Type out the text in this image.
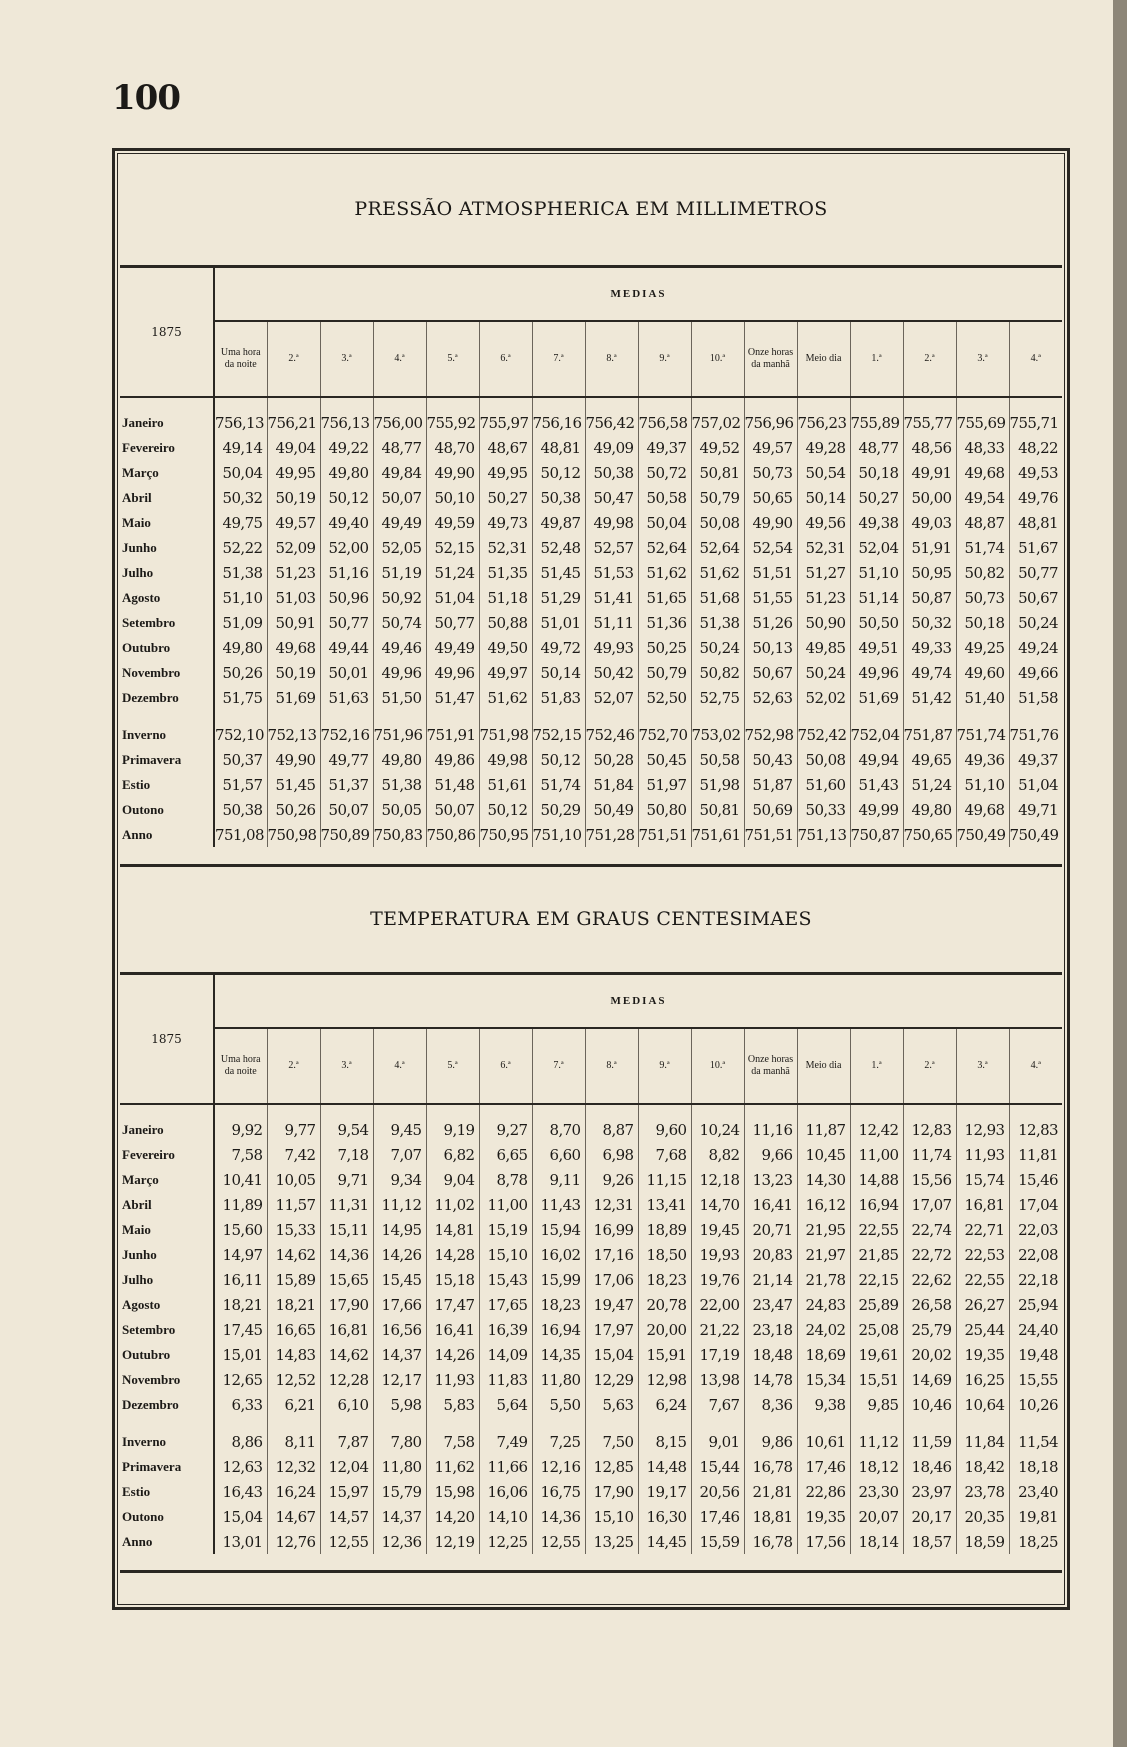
100
PRESSÃO ATMOSPHERICA EM MILLIMETROS
1875	MEDIAS															
	Uma hora da noite	2.ª	3.ª	4.ª	5.ª	6.ª	7.ª	8.ª	9.ª	10.ª	Onze horas da manhã	Meio dia	1.ª	2.ª	3.ª	4.ª

Janeiro	756,13	756,21	756,13	756,00	755,92	755,97	756,16	756,42	756,58	757,02	756,96	756,23	755,89	755,77	755,69	755,71
Fevereiro	49,14	49,04	49,22	48,77	48,70	48,67	48,81	49,09	49,37	49,52	49,57	49,28	48,77	48,56	48,33	48,22
Março	50,04	49,95	49,80	49,84	49,90	49,95	50,12	50,38	50,72	50,81	50,73	50,54	50,18	49,91	49,68	49,53
Abril	50,32	50,19	50,12	50,07	50,10	50,27	50,38	50,47	50,58	50,79	50,65	50,14	50,27	50,00	49,54	49,76
Maio	49,75	49,57	49,40	49,49	49,59	49,73	49,87	49,98	50,04	50,08	49,90	49,56	49,38	49,03	48,87	48,81
Junho	52,22	52,09	52,00	52,05	52,15	52,31	52,48	52,57	52,64	52,64	52,54	52,31	52,04	51,91	51,74	51,67
Julho	51,38	51,23	51,16	51,19	51,24	51,35	51,45	51,53	51,62	51,62	51,51	51,27	51,10	50,95	50,82	50,77
Agosto	51,10	51,03	50,96	50,92	51,04	51,18	51,29	51,41	51,65	51,68	51,55	51,23	51,14	50,87	50,73	50,67
Setembro	51,09	50,91	50,77	50,74	50,77	50,88	51,01	51,11	51,36	51,38	51,26	50,90	50,50	50,32	50,18	50,24
Outubro	49,80	49,68	49,44	49,46	49,49	49,50	49,72	49,93	50,25	50,24	50,13	49,85	49,51	49,33	49,25	49,24
Novembro	50,26	50,19	50,01	49,96	49,96	49,97	50,14	50,42	50,79	50,82	50,67	50,24	49,96	49,74	49,60	49,66
Dezembro	51,75	51,69	51,63	51,50	51,47	51,62	51,83	52,07	52,50	52,75	52,63	52,02	51,69	51,42	51,40	51,58

Inverno	752,10	752,13	752,16	751,96	751,91	751,98	752,15	752,46	752,70	753,02	752,98	752,42	752,04	751,87	751,74	751,76
Primavera	50,37	49,90	49,77	49,80	49,86	49,98	50,12	50,28	50,45	50,58	50,43	50,08	49,94	49,65	49,36	49,37
Estio	51,57	51,45	51,37	51,38	51,48	51,61	51,74	51,84	51,97	51,98	51,87	51,60	51,43	51,24	51,10	51,04
Outono	50,38	50,26	50,07	50,05	50,07	50,12	50,29	50,49	50,80	50,81	50,69	50,33	49,99	49,80	49,68	49,71
Anno	751,08	750,98	750,89	750,83	750,86	750,95	751,10	751,28	751,51	751,61	751,51	751,13	750,87	750,65	750,49	750,49
TEMPERATURA EM GRAUS CENTESIMAES
1875	MEDIAS															
	Uma hora da noite	2.ª	3.ª	4.ª	5.ª	6.ª	7.ª	8.ª	9.ª	10.ª	Onze horas da manhã	Meio dia	1.ª	2.ª	3.ª	4.ª

Janeiro	9,92	9,77	9,54	9,45	9,19	9,27	8,70	8,87	9,60	10,24	11,16	11,87	12,42	12,83	12,93	12,83
Fevereiro	7,58	7,42	7,18	7,07	6,82	6,65	6,60	6,98	7,68	8,82	9,66	10,45	11,00	11,74	11,93	11,81
Março	10,41	10,05	9,71	9,34	9,04	8,78	9,11	9,26	11,15	12,18	13,23	14,30	14,88	15,56	15,74	15,46
Abril	11,89	11,57	11,31	11,12	11,02	11,00	11,43	12,31	13,41	14,70	16,41	16,12	16,94	17,07	16,81	17,04
Maio	15,60	15,33	15,11	14,95	14,81	15,19	15,94	16,99	18,89	19,45	20,71	21,95	22,55	22,74	22,71	22,03
Junho	14,97	14,62	14,36	14,26	14,28	15,10	16,02	17,16	18,50	19,93	20,83	21,97	21,85	22,72	22,53	22,08
Julho	16,11	15,89	15,65	15,45	15,18	15,43	15,99	17,06	18,23	19,76	21,14	21,78	22,15	22,62	22,55	22,18
Agosto	18,21	18,21	17,90	17,66	17,47	17,65	18,23	19,47	20,78	22,00	23,47	24,83	25,89	26,58	26,27	25,94
Setembro	17,45	16,65	16,81	16,56	16,41	16,39	16,94	17,97	20,00	21,22	23,18	24,02	25,08	25,79	25,44	24,40
Outubro	15,01	14,83	14,62	14,37	14,26	14,09	14,35	15,04	15,91	17,19	18,48	18,69	19,61	20,02	19,35	19,48
Novembro	12,65	12,52	12,28	12,17	11,93	11,83	11,80	12,29	12,98	13,98	14,78	15,34	15,51	14,69	16,25	15,55
Dezembro	6,33	6,21	6,10	5,98	5,83	5,64	5,50	5,63	6,24	7,67	8,36	9,38	9,85	10,46	10,64	10,26

Inverno	8,86	8,11	7,87	7,80	7,58	7,49	7,25	7,50	8,15	9,01	9,86	10,61	11,12	11,59	11,84	11,54
Primavera	12,63	12,32	12,04	11,80	11,62	11,66	12,16	12,85	14,48	15,44	16,78	17,46	18,12	18,46	18,42	18,18
Estio	16,43	16,24	15,97	15,79	15,98	16,06	16,75	17,90	19,17	20,56	21,81	22,86	23,30	23,97	23,78	23,40
Outono	15,04	14,67	14,57	14,37	14,20	14,10	14,36	15,10	16,30	17,46	18,81	19,35	20,07	20,17	20,35	19,81
Anno	13,01	12,76	12,55	12,36	12,19	12,25	12,55	13,25	14,45	15,59	16,78	17,56	18,14	18,57	18,59	18,25
